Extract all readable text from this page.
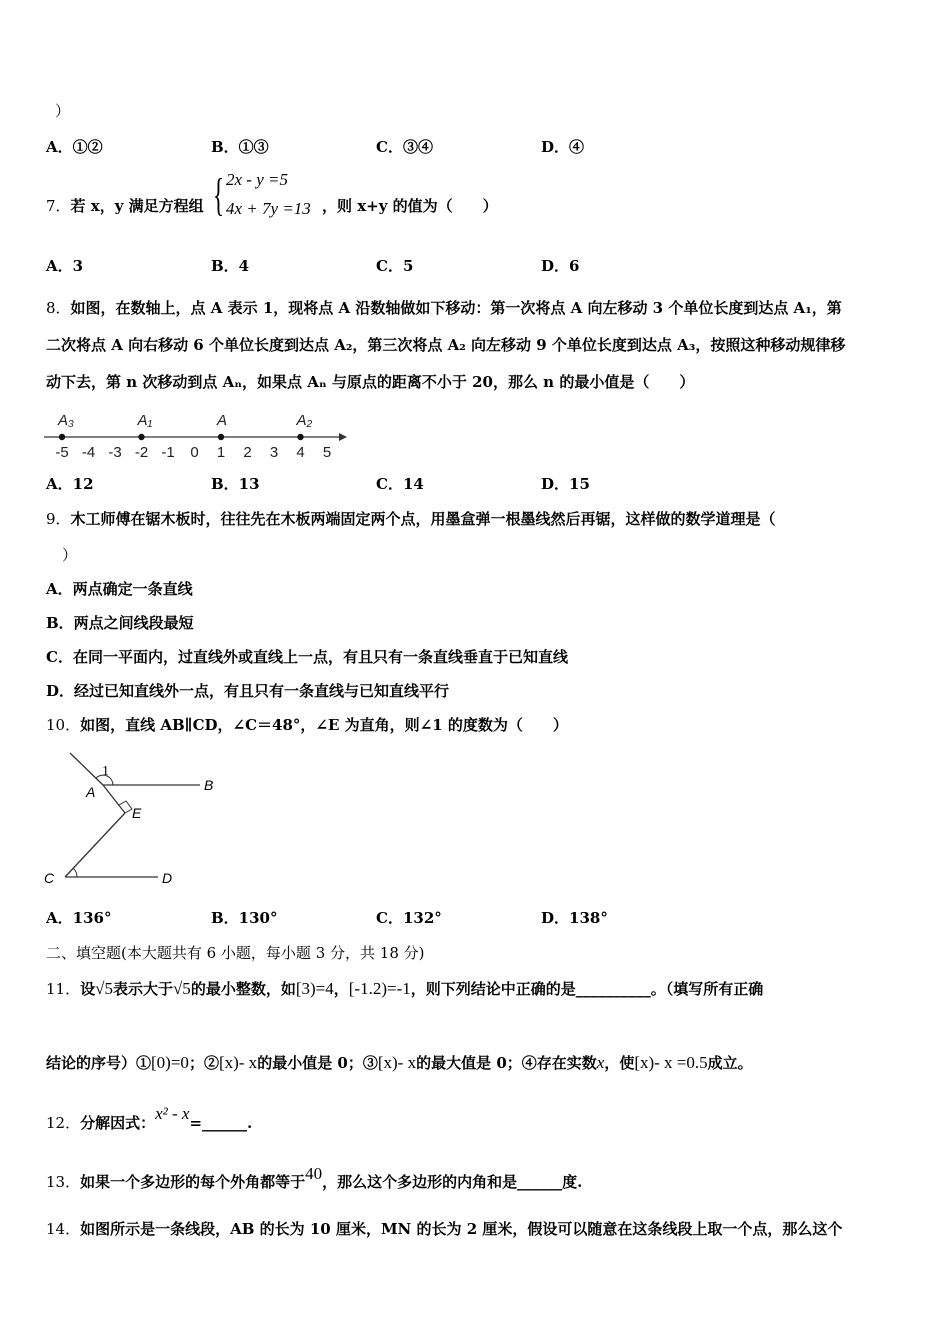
）
A．①②	B．①③	C．③④	D．④
7．若 x，y 满足方程组 { 2x - y =5
4x + 7y =13 ，则 x+y 的值为（　　）
A．3	B．4	C．5	D．6
8．如图，在数轴上，点 A 表示 1，现将点 A 沿数轴做如下移动：第一次将点 A 向左移动 3 个单位长度到达点 A₁，第
二次将点 A 向右移动 6 个单位长度到达点 A₂，第三次将点 A₂ 向左移动 9 个单位长度到达点 A₃，按照这种移动规律移
动下去，第 n 次移动到点 Aₙ，如果点 Aₙ 与原点的距离不小于 20，那么 n 的最小值是（　　）
-5 -4 -3 -2 -1 0 1 2 3 4 5
A₃	A₁	A	A₂
A．12	B．13	C．14	D．15
9．木工师傅在锯木板时，往往先在木板两端固定两个点，用墨盒弹一根墨线然后再锯，这样做的数学道理是（
）
A．两点确定一条直线
B．两点之间线段最短
C．在同一平面内，过直线外或直线上一点，有且只有一条直线垂直于已知直线
D．经过已知直线外一点，有且只有一条直线与已知直线平行
10．如图，直线 AB∥CD，∠C＝48°，∠E 为直角，则∠1 的度数为（　　）
1
A	B
E
C	D
A．136°	B．130°	C．132°	D．138°
二、填空题(本大题共有 6 小题，每小题 3 分，共 18 分)
11．设√5表示大于√5的最小整数，如[3)=4，[-1.2)=-1，则下列结论中正确的是__________。（填写所有正确
结论的序号）①[0)=0；②[x)- x的最小值是 0；③[x)- x的最大值是 0；④存在实数x，使[x)- x =0.5成立。
12．分解因式：x² - x=______.
13．如果一个多边形的每个外角都等于40，那么这个多边形的内角和是______度.
14．如图所示是一条线段，AB 的长为 10 厘米，MN 的长为 2 厘米，假设可以随意在这条线段上取一个点，那么这个
